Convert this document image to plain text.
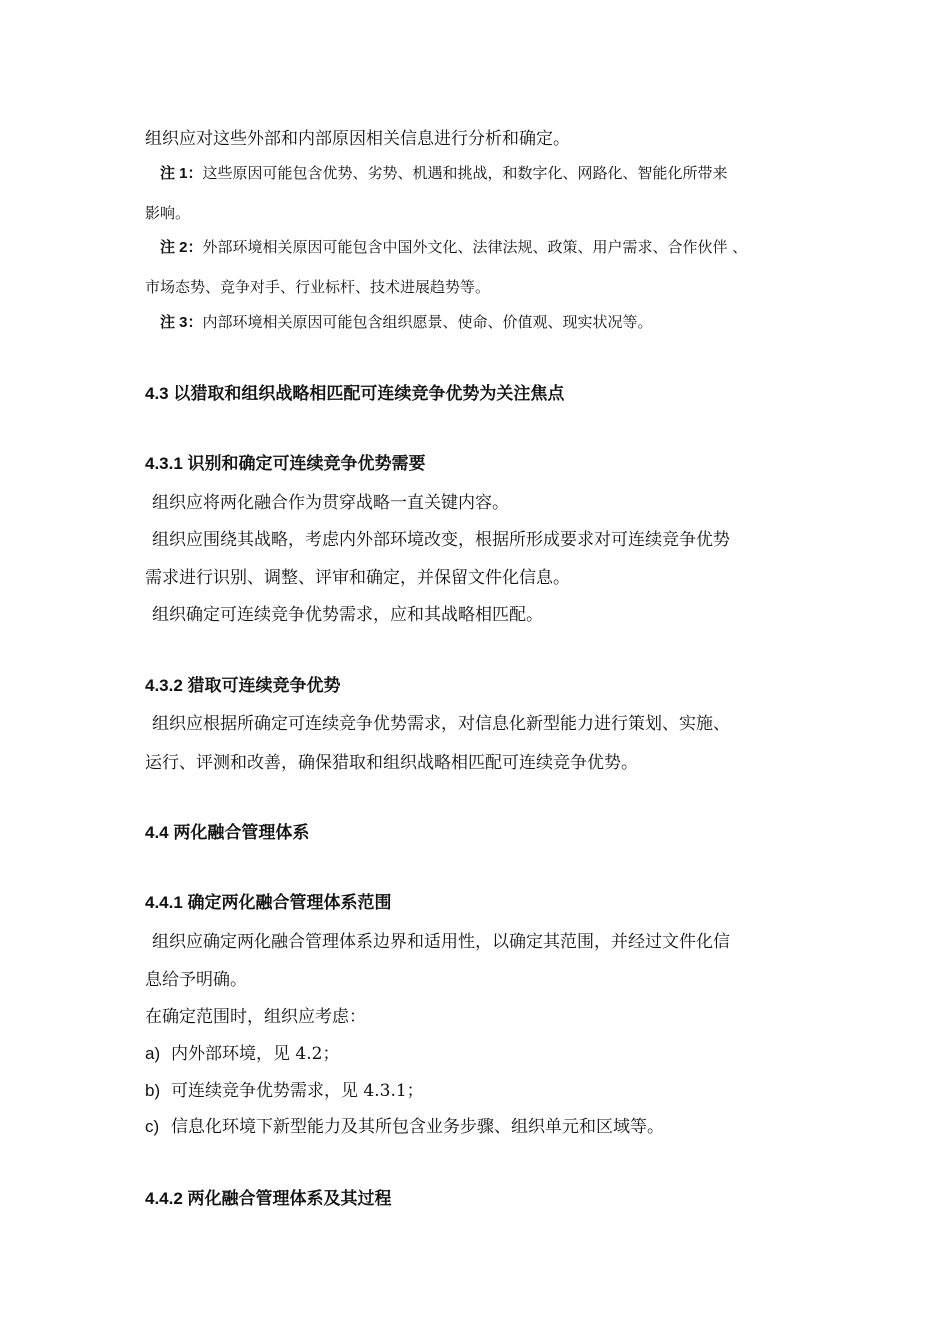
组织应对这些外部和内部原因相关信息进行分析和确定。
注 1：这些原因可能包含优势、劣势、机遇和挑战，和数字化、网路化、智能化所带来
影响。
注 2：外部环境相关原因可能包含中国外文化、法律法规、政策、用户需求、合作伙伴 、
市场态势、竞争对手、行业标杆、技术进展趋势等。
注 3：内部环境相关原因可能包含组织愿景、使命、价值观、现实状况等。
4.3 以猎取和组织战略相匹配可连续竞争优势为关注焦点
4.3.1 识别和确定可连续竞争优势需要
组织应将两化融合作为贯穿战略一直关键内容。
组织应围绕其战略，考虑内外部环境改变，根据所形成要求对可连续竞争优势
需求进行识别、调整、评审和确定，并保留文件化信息。
组织确定可连续竞争优势需求，应和其战略相匹配。
4.3.2 猎取可连续竞争优势
组织应根据所确定可连续竞争优势需求，对信息化新型能力进行策划、实施、
运行、评测和改善，确保猎取和组织战略相匹配可连续竞争优势。
4.4 两化融合管理体系
4.4.1 确定两化融合管理体系范围
组织应确定两化融合管理体系边界和适用性，以确定其范围，并经过文件化信
息给予明确。
在确定范围时，组织应考虑：
a) 内外部环境，见 4.2；
b) 可连续竞争优势需求，见 4.3.1；
c) 信息化环境下新型能力及其所包含业务步骤、组织单元和区域等。
4.4.2 两化融合管理体系及其过程
